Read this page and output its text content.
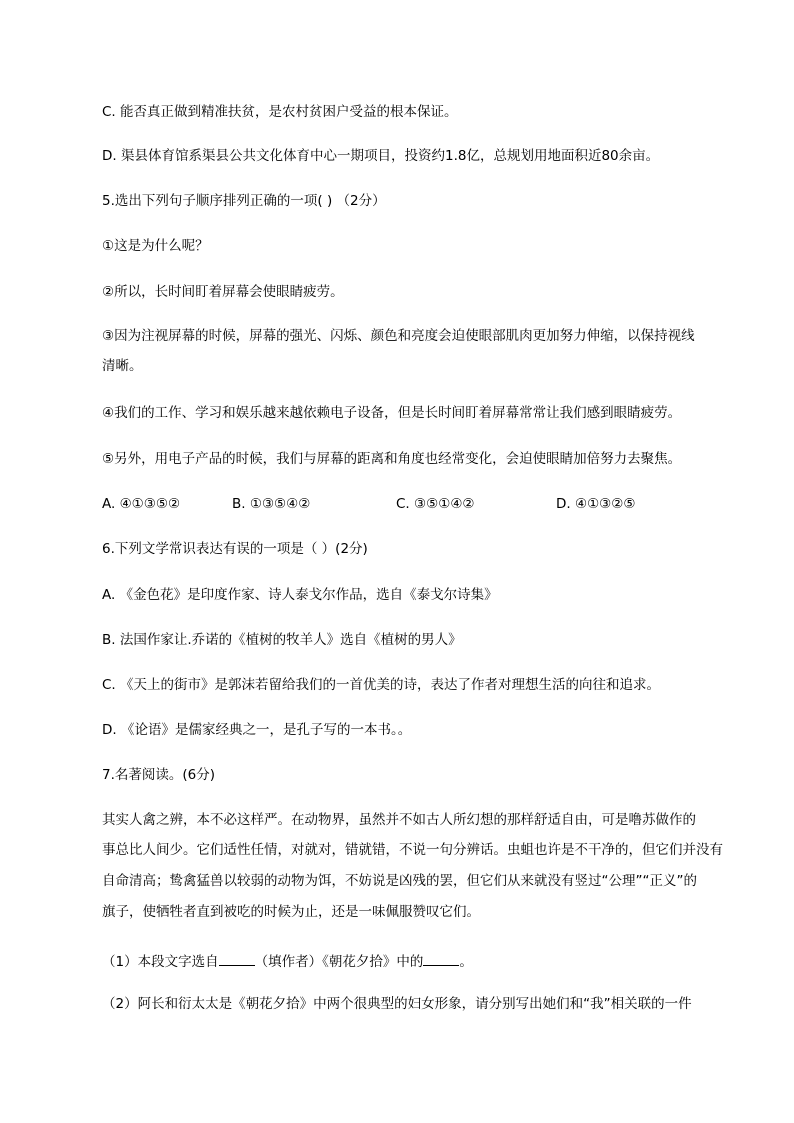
C. 能否真正做到精准扶贫，是农村贫困户受益的根本保证。
D. 渠县体育馆系渠县公共文化体育中心一期项目，投资约1.8亿，总规划用地面积近80余亩。
5.选出下列句子顺序排列正确的一项( ) （2分）
①这是为什么呢？
②所以，长时间盯着屏幕会使眼睛疲劳。
③因为注视屏幕的时候，屏幕的强光、闪烁、颜色和亮度会迫使眼部肌肉更加努力伸缩，以保持视线
清晰。
④我们的工作、学习和娱乐越来越依赖电子设备，但是长时间盯着屏幕常常让我们感到眼睛疲劳。
⑤另外，用电子产品的时候，我们与屏幕的距离和角度也经常变化，会迫使眼睛加倍努力去聚焦。
A. ④①③⑤②	B. ①③⑤④②	C. ③⑤①④②	D. ④①③②⑤
6.下列文学常识表达有误的一项是（ ）(2分)
A. 《金色花》是印度作家、诗人泰戈尔作品，选自《泰戈尔诗集》
B. 法国作家让.乔诺的《植树的牧羊人》选自《植树的男人》
C. 《天上的街市》是郭沫若留给我们的一首优美的诗，表达了作者对理想生活的向往和追求。
D. 《论语》是儒家经典之一，是孔子写的一本书。。
7.名著阅读。(6分)
其实人禽之辨，本不必这样严。在动物界，虽然并不如古人所幻想的那样舒适自由，可是噜苏做作的
事总比人间少。它们适性任情，对就对，错就错，不说一句分辨话。虫蛆也许是不干净的，但它们并没有
自命清高；鸷禽猛兽以较弱的动物为饵，不妨说是凶残的罢，但它们从来就没有竖过“公理”“正义”的
旗子，使牺牲者直到被吃的时候为止，还是一味佩服赞叹它们。
（1）本段文字选自	（填作者）《朝花夕拾》中的	。
（2）阿长和衍太太是《朝花夕拾》中两个很典型的妇女形象，请分别写出她们和“我”相关联的一件
